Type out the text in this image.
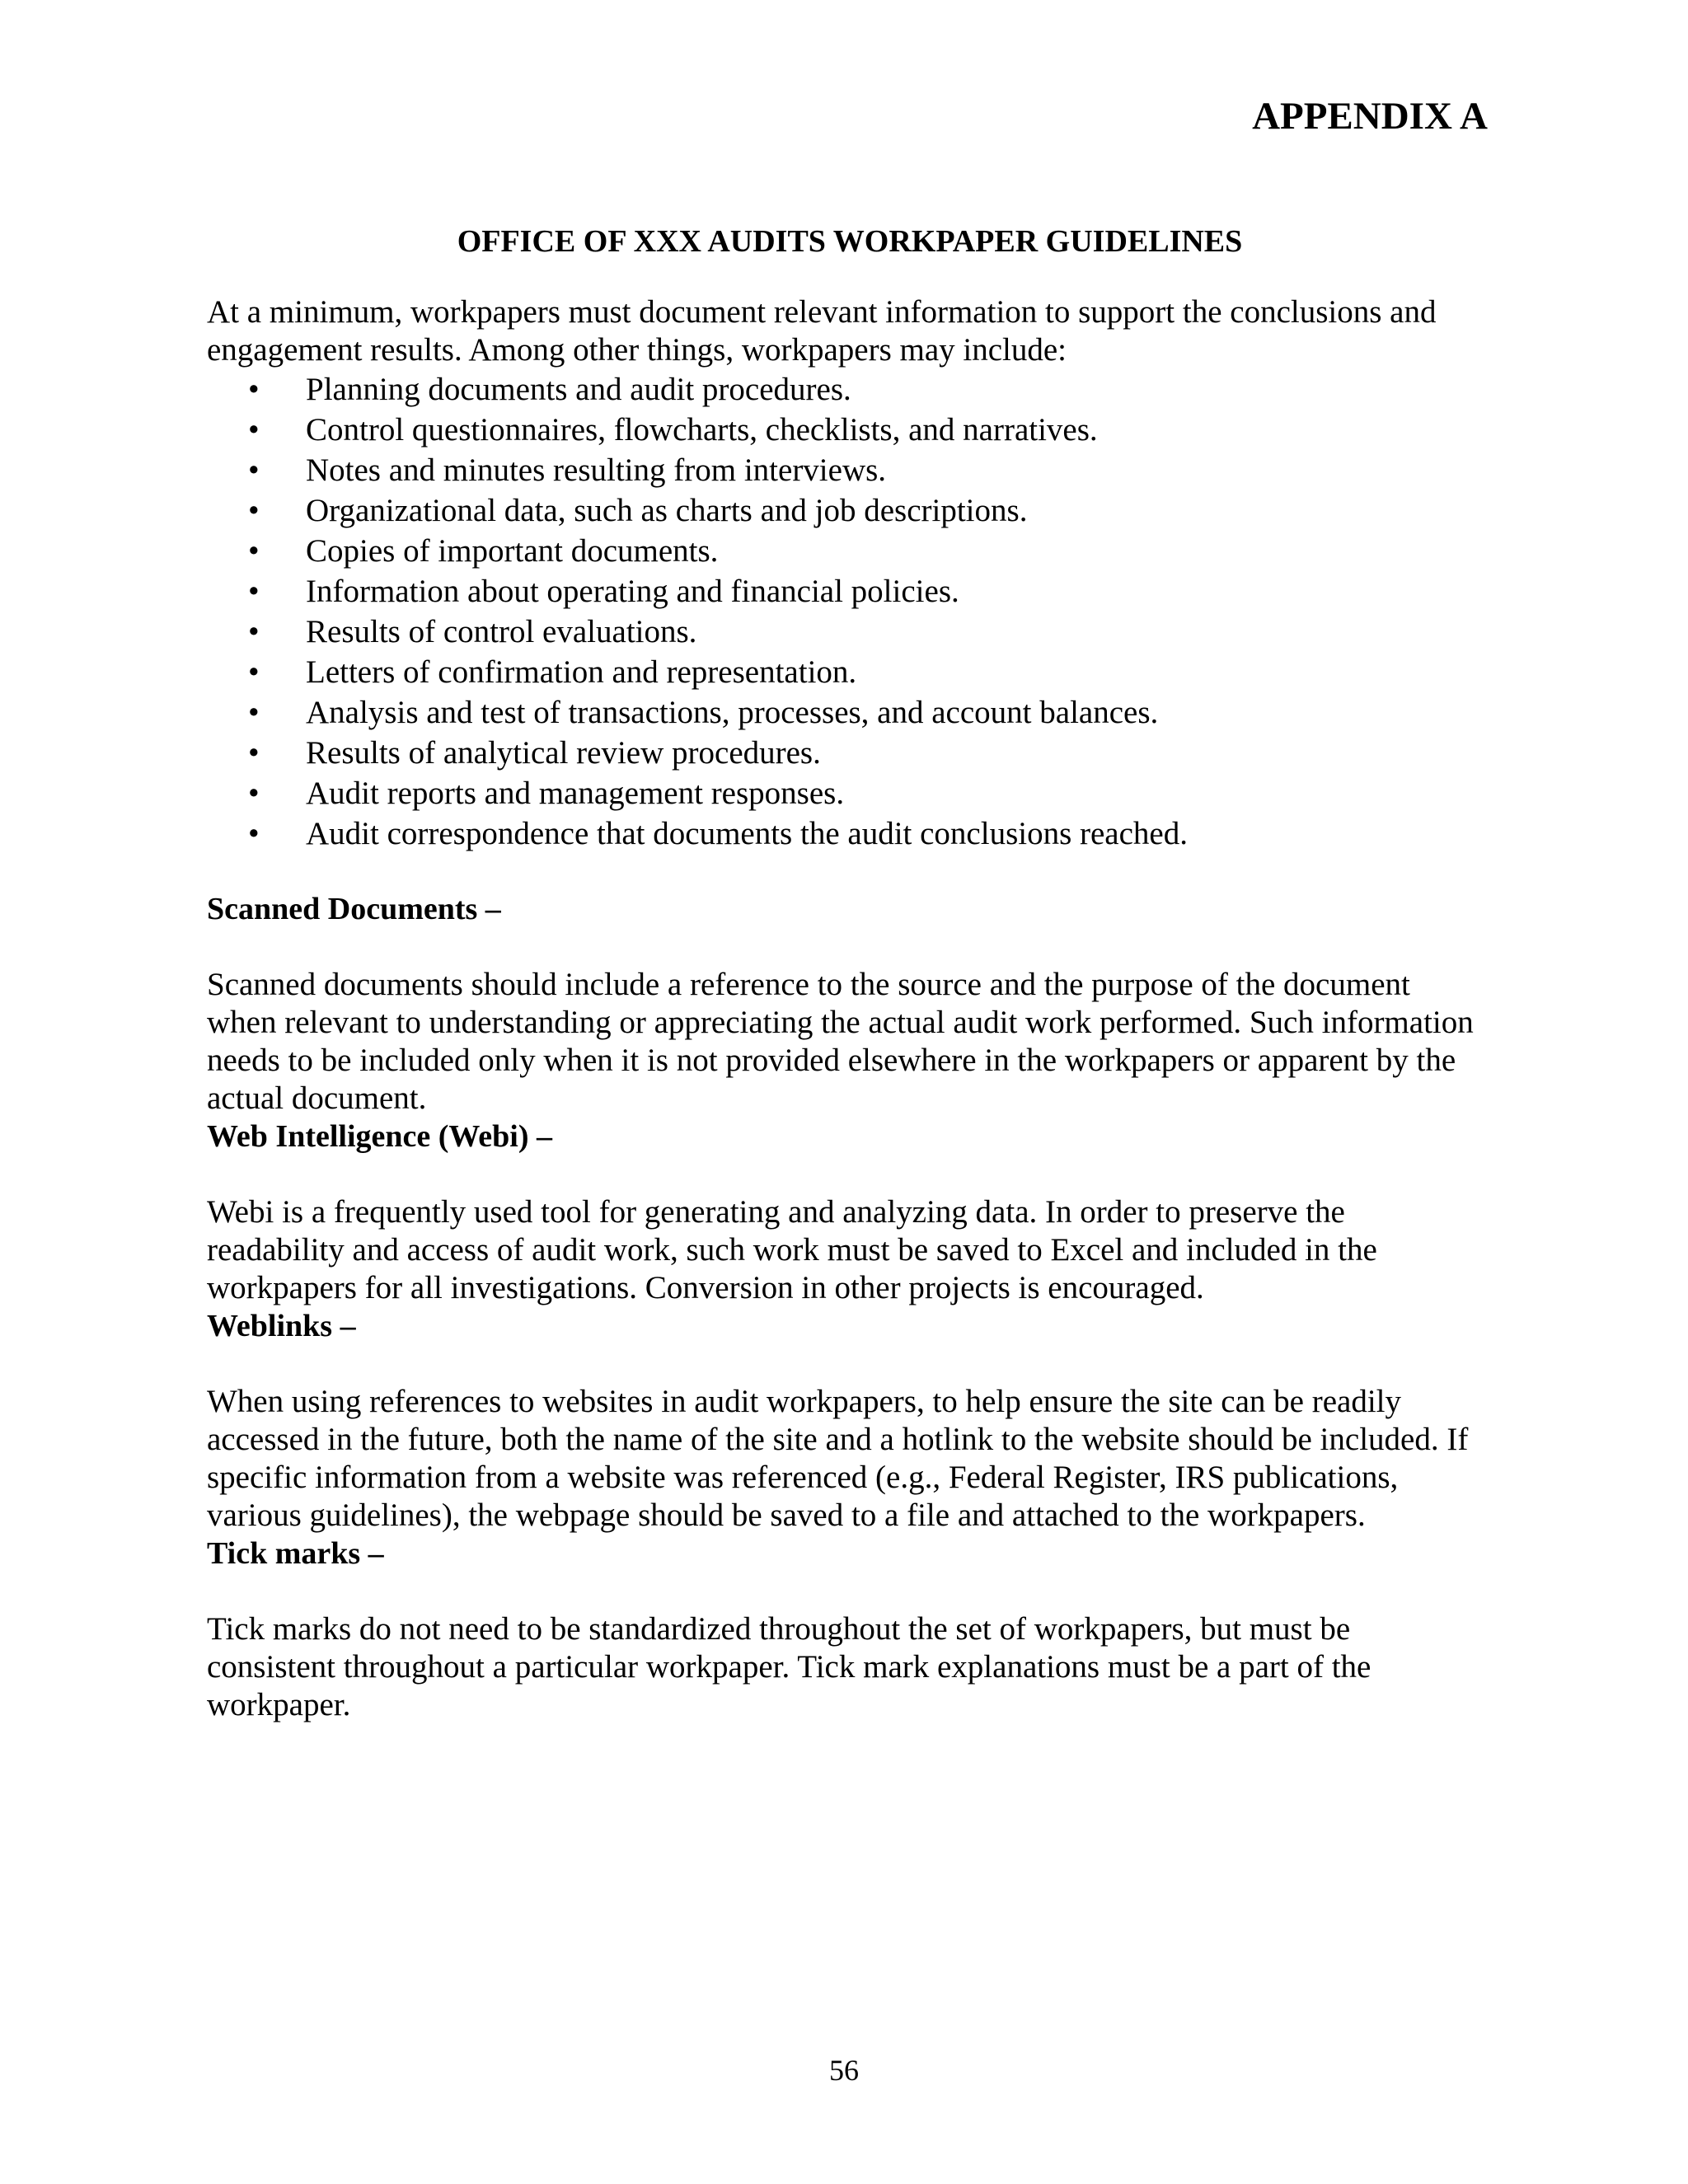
APPENDIX A
OFFICE OF XXX AUDITS WORKPAPER GUIDELINES

At a minimum, workpapers must document relevant information to support the conclusions and engagement results. Among other things, workpapers may include:

•	Planning documents and audit procedures.
•	Control questionnaires, flowcharts, checklists, and narratives.
•	Notes and minutes resulting from interviews.
•	Organizational data, such as charts and job descriptions.
•	Copies of important documents.
•	Information about operating and financial policies.
•	Results of control evaluations.
•	Letters of confirmation and representation.
•	Analysis and test of transactions, processes, and account balances.
•	Results of analytical review procedures.
•	Audit reports and management responses.
•	Audit correspondence that documents the audit conclusions reached.
Scanned Documents –

Scanned documents should include a reference to the source and the purpose of the document when relevant to understanding or appreciating the actual audit work performed. Such information needs to be included only when it is not provided elsewhere in the workpapers or apparent by the actual document.

Web Intelligence (Webi) –

Webi is a frequently used tool for generating and analyzing data. In order to preserve the readability and access of audit work, such work must be saved to Excel and included in the workpapers for all investigations. Conversion in other projects is encouraged.

Weblinks –

When using references to websites in audit workpapers, to help ensure the site can be readily accessed in the future, both the name of the site and a hotlink to the website should be included. If specific information from a website was referenced (e.g., Federal Register, IRS publications, various guidelines), the webpage should be saved to a file and attached to the workpapers.

Tick marks –

Tick marks do not need to be standardized throughout the set of workpapers, but must be consistent throughout a particular workpaper. Tick mark explanations must be a part of the workpaper.

56
